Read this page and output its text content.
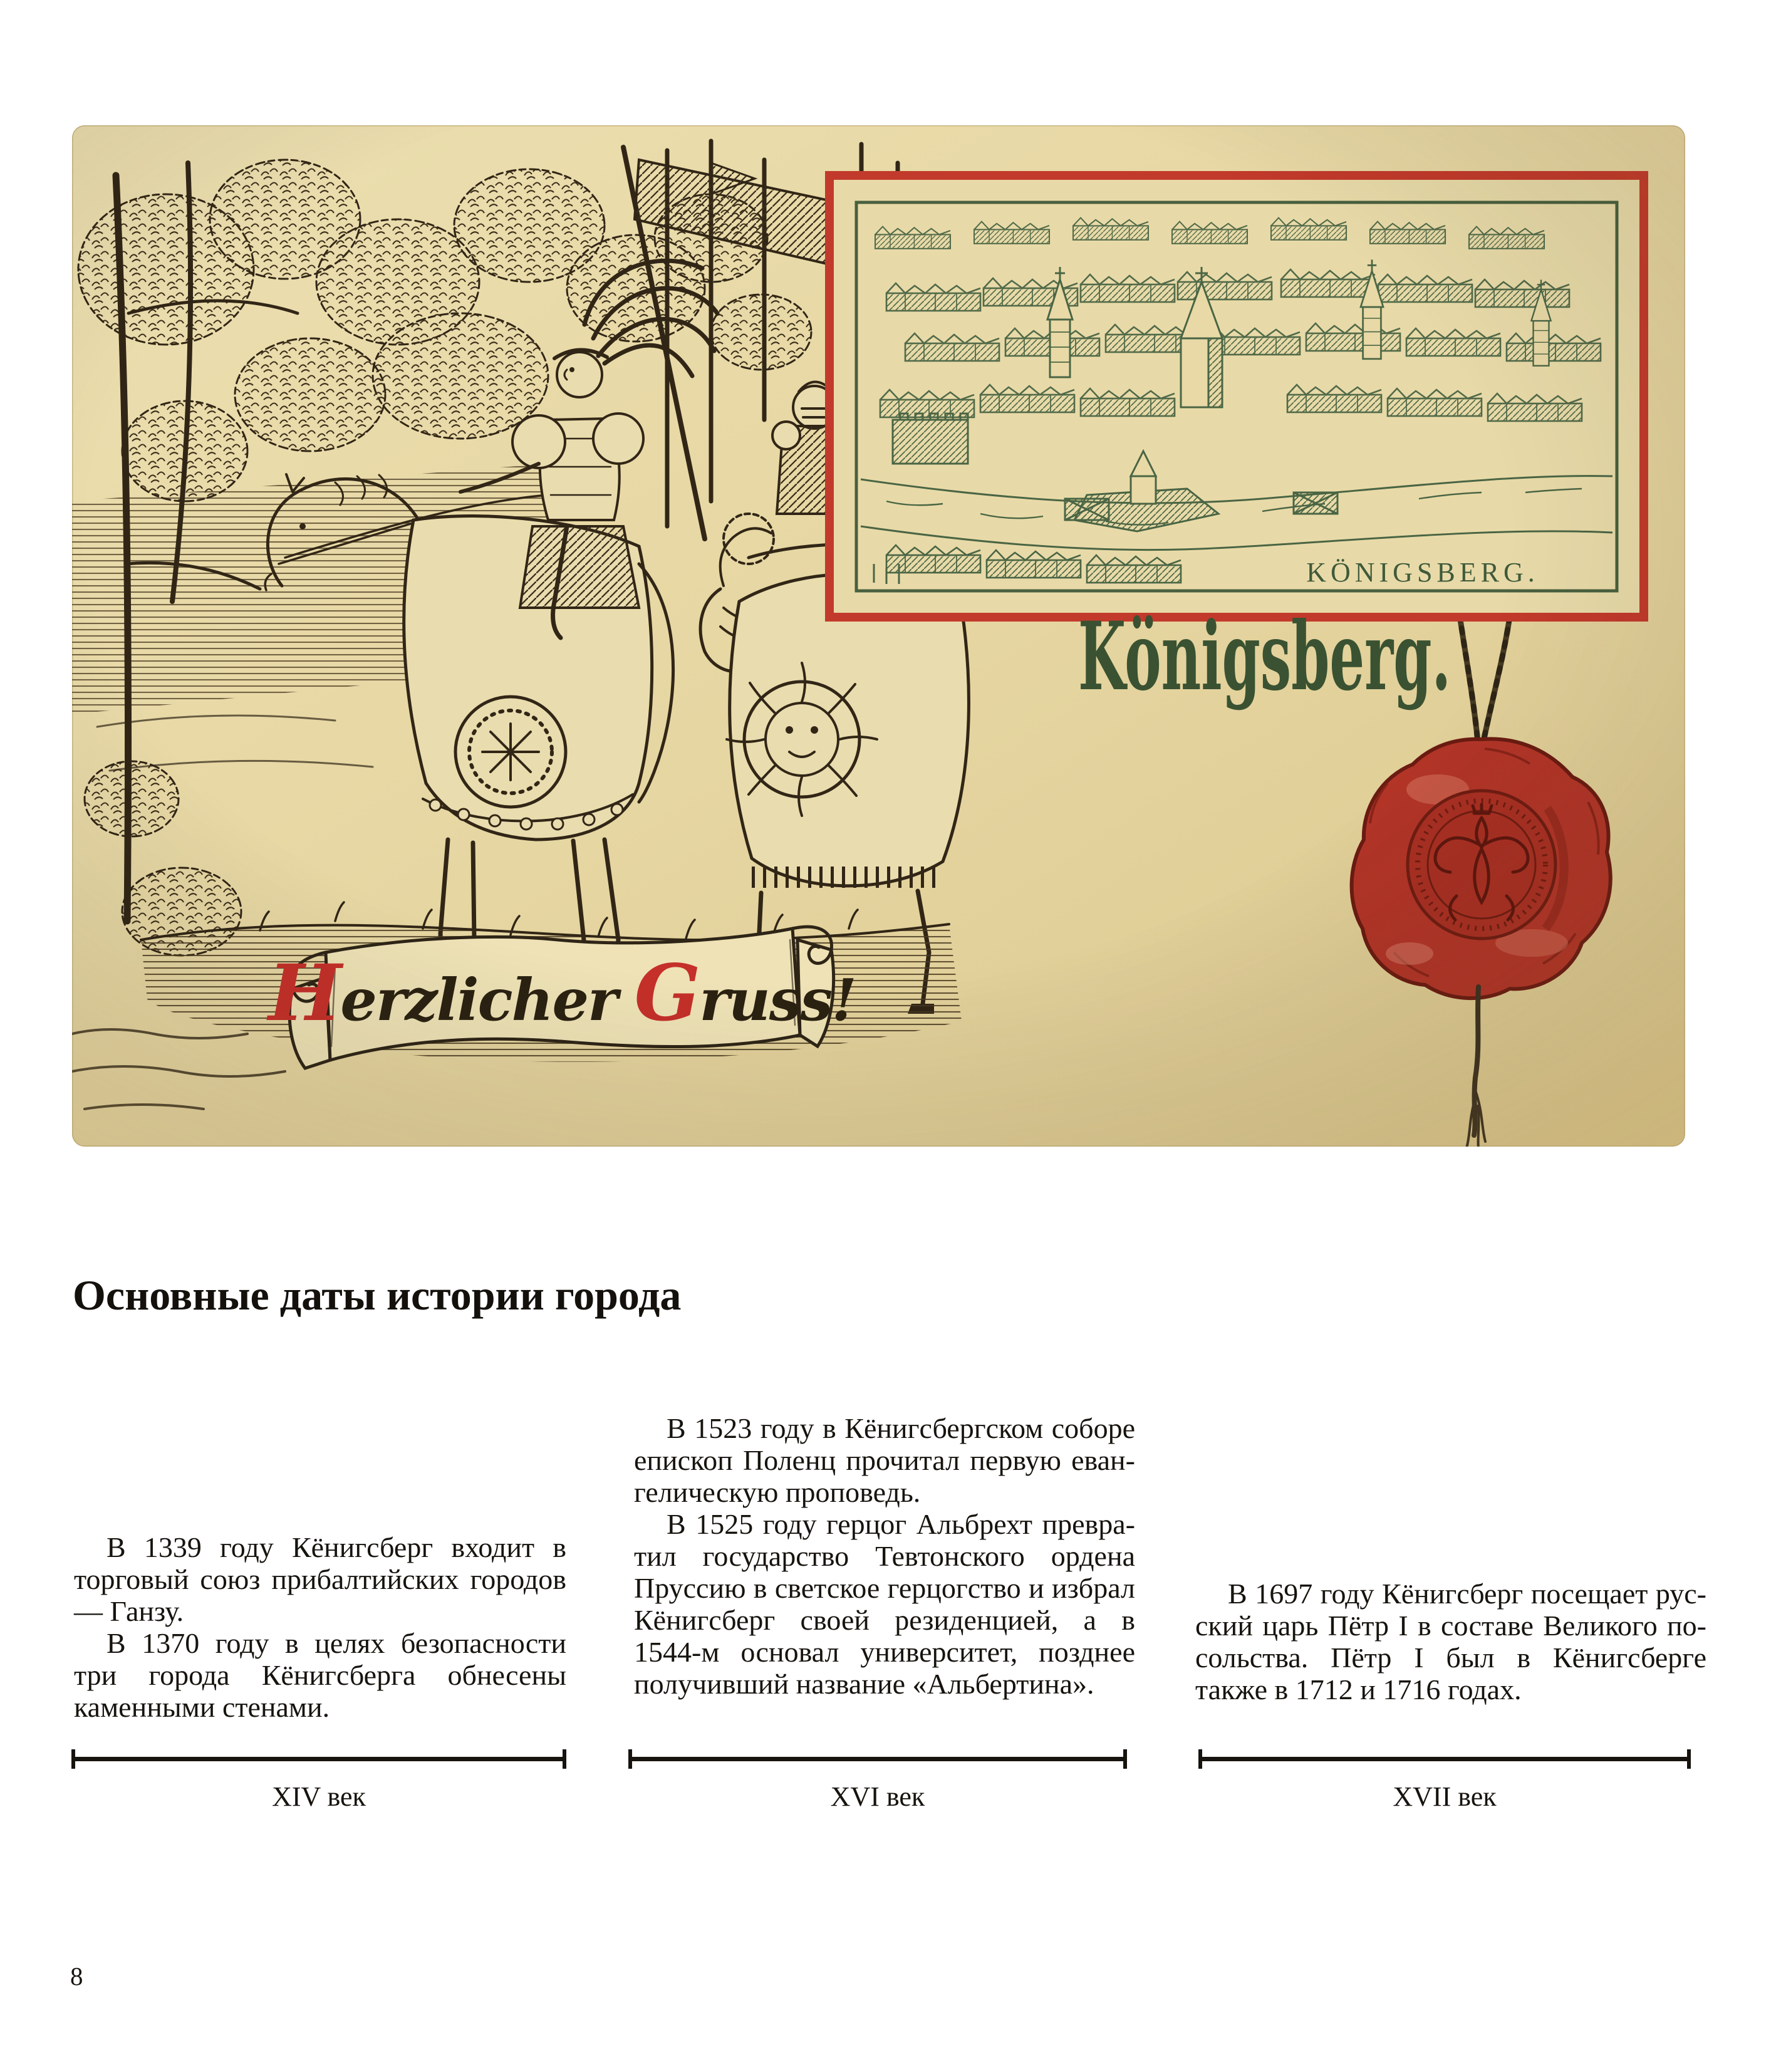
Основные даты истории города

В 1339 году Кёнигсберг входит в торговый союз прибалтийских городов — Ганзу.

В 1370 году в целях безопасности три города Кёнигсберга обнесены каменными стенами.

В 1523 году в Кёнигсбергском соборе епископ Поленц прочитал первую евангелическую проповедь.

В 1525 году герцог Альбрехт превратил государство Тевтонского ордена Пруссию в светское герцогство и избрал Кёнигсберг своей резиденцией, а в 1544-м основал университет, позднее получивший название «Альбертина».

В 1697 году Кёнигсберг посещает русский царь Пётр I в составе Великого посольства. Пётр I был в Кёнигсберге также в 1712 и 1716 годах.

XIV век	XVI век	XVII век
8
